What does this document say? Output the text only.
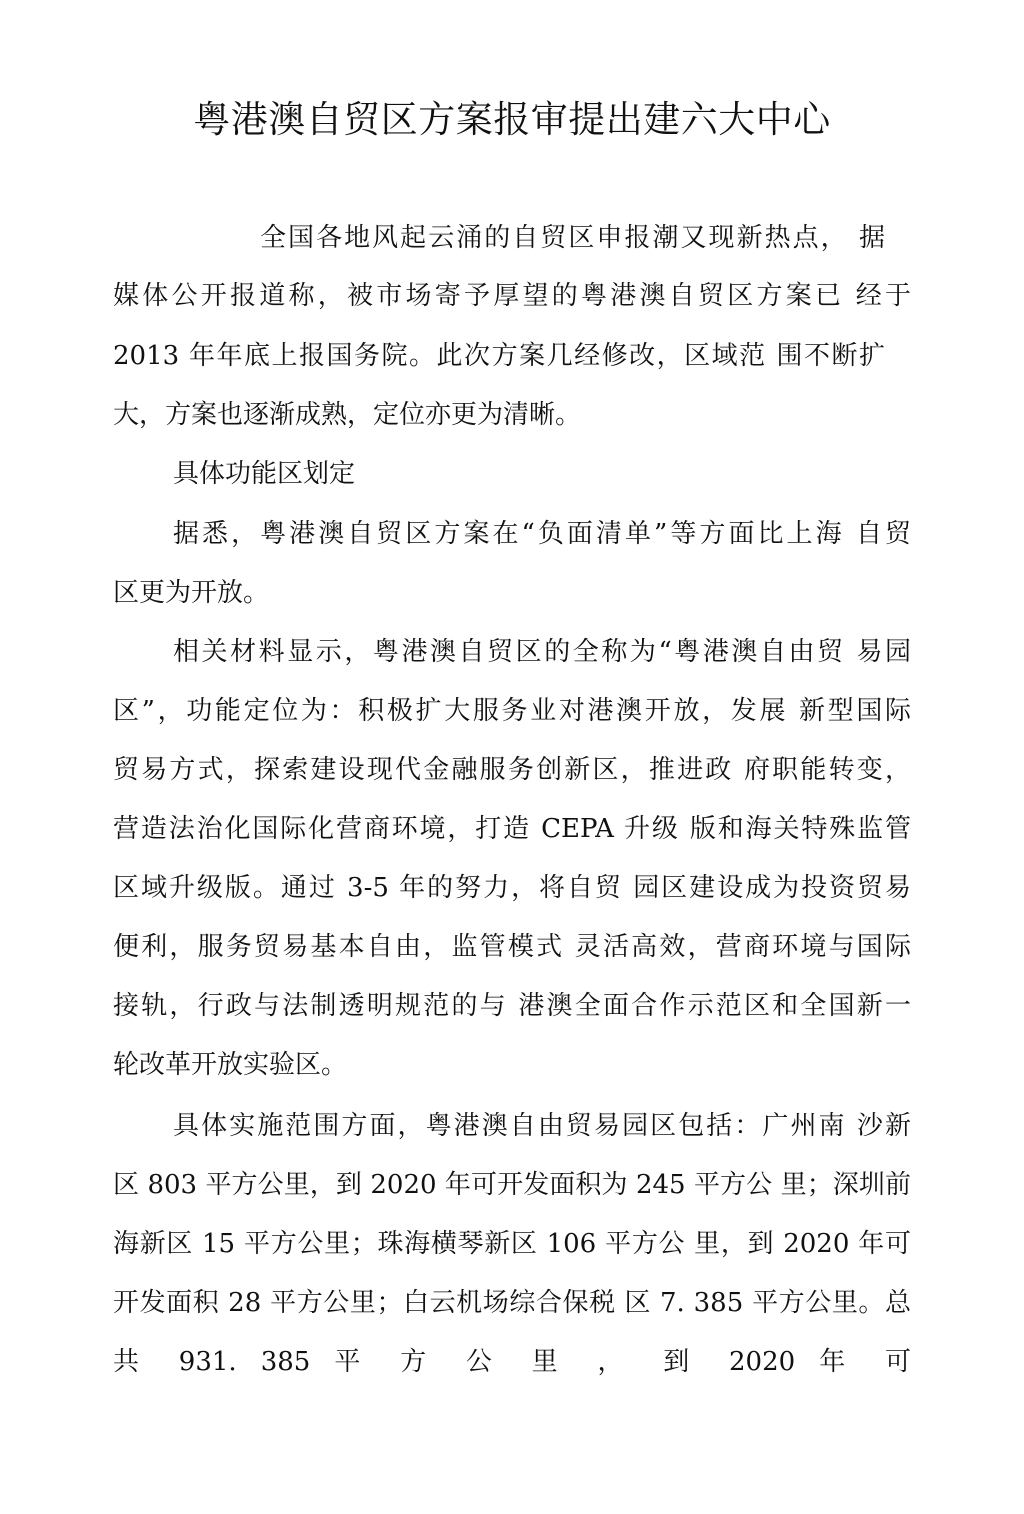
粤港澳自贸区方案报审提出建六大中心
全国各地风起云涌的自贸区申报潮又现新热点， 据
媒体公开报道称，被市场寄予厚望的粤港澳自贸区方案已 经于
2013 年年底上报国务院。此次方案几经修改，区域范 围不断扩
大，方案也逐渐成熟，定位亦更为清晰。
具体功能区划定
据悉，粤港澳自贸区方案在“负面清单”等方面比上海 自贸
区更为开放。
相关材料显示，粤港澳自贸区的全称为“粤港澳自由贸 易园
区”，功能定位为：积极扩大服务业对港澳开放，发展 新型国际
贸易方式，探索建设现代金融服务创新区，推进政 府职能转变，
营造法治化国际化营商环境，打造 CEPA 升级 版和海关特殊监管
区域升级版。通过 3-5 年的努力，将自贸 园区建设成为投资贸易
便利，服务贸易基本自由，监管模式 灵活高效，营商环境与国际
接轨，行政与法制透明规范的与 港澳全面合作示范区和全国新一
轮改革开放实验区。
具体实施范围方面，粤港澳自由贸易园区包括：广州南 沙新
区 803 平方公里，到 2020 年可开发面积为 245 平方公 里；深圳前
海新区 15 平方公里；珠海横琴新区 106 平方公 里，到 2020 年可
开发面积 28 平方公里；白云机场综合保税 区 7. 385 平方公里。总
共 931. 385 平 方 公 里 ， 到 2020 年 可
